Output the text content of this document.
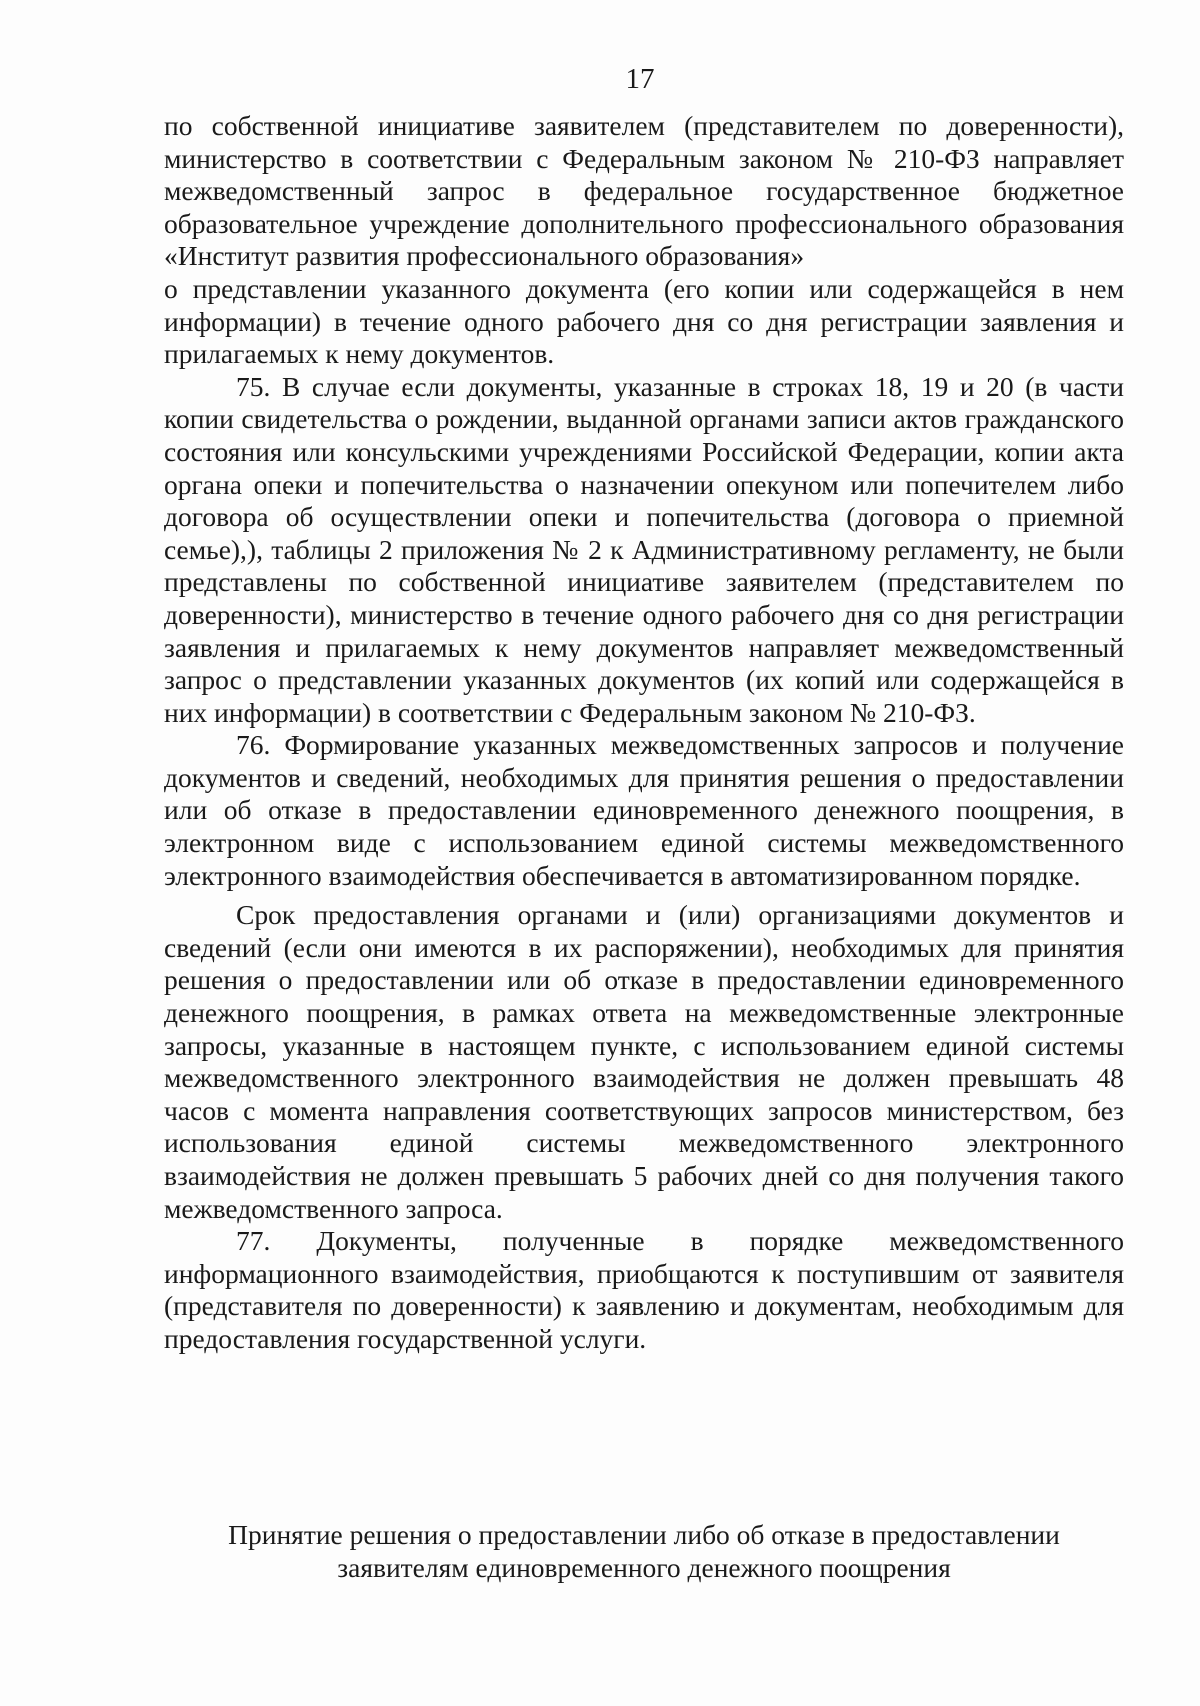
17

по собственной инициативе заявителем (представителем по доверенности), министерство в соответствии с Федеральным законом № 210-ФЗ направляет межведомственный запрос в федеральное государственное бюджетное образовательное учреждение дополнительного профессионального образования «Институт развития профессионального образования»

о представлении указанного документа (его копии или содержащейся в нем информации) в течение одного рабочего дня со дня регистрации заявления и прилагаемых к нему документов.

75. В случае если документы, указанные в строках 18, 19 и 20 (в части копии свидетельства о рождении, выданной органами записи актов гражданского состояния или консульскими учреждениями Российской Федерации, копии акта органа опеки и попечительства о назначении опекуном или попечителем либо договора об осуществлении опеки и попечительства (договора о приемной семье),), таблицы 2 приложения № 2 к Административному регламенту, не были представлены по собственной инициативе заявителем (представителем по доверенности), министерство в течение одного рабочего дня со дня регистрации заявления и прилагаемых к нему документов направляет межведомственный запрос о представлении указанных документов (их копий или содержащейся в них информации) в соответствии с Федеральным законом № 210-ФЗ.

76. Формирование указанных межведомственных запросов и получение документов и сведений, необходимых для принятия решения о предоставлении или об отказе в предоставлении единовременного денежного поощрения, в электронном виде с использованием единой системы межведомственного электронного взаимодействия обеспечивается в автоматизированном порядке.

Срок предоставления органами и (или) организациями документов и сведений (если они имеются в их распоряжении), необходимых для принятия решения о предоставлении или об отказе в предоставлении единовременного денежного поощрения, в рамках ответа на межведомственные электронные запросы, указанные в настоящем пункте, с использованием единой системы межведомственного электронного взаимодействия не должен превышать 48 часов с момента направления соответствующих запросов министерством, без использования единой системы межведомственного электронного взаимодействия не должен превышать 5 рабочих дней со дня получения такого межведомственного запроса.

77. Документы, полученные в порядке межведомственного информационного взаимодействия, приобщаются к поступившим от заявителя (представителя по доверенности) к заявлению и документам, необходимым для предоставления государственной услуги.

Принятие решения о предоставлении либо об отказе в предоставлении
заявителям единовременного денежного поощрения
